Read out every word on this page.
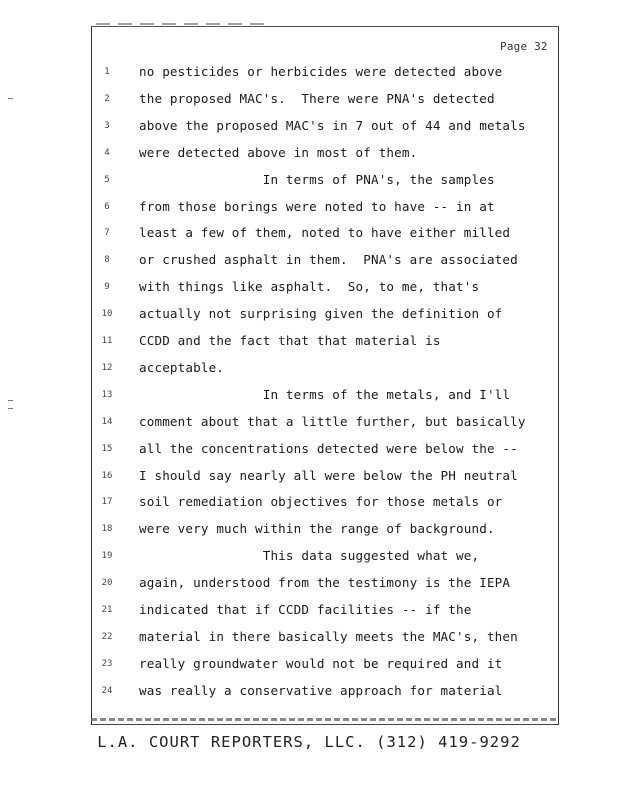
Page 32
1	no pesticides or herbicides were detected above
2	the proposed MAC's.  There were PNA's detected
3	above the proposed MAC's in 7 out of 44 and metals
4	were detected above in most of them.
5	In terms of PNA's, the samples
6	from those borings were noted to have -- in at
7	least a few of them, noted to have either milled
8	or crushed asphalt in them.  PNA's are associated
9	with things like asphalt.  So, to me, that's
10	actually not surprising given the definition of
11	CCDD and the fact that that material is
12	acceptable.
13	In terms of the metals, and I'll
14	comment about that a little further, but basically
15	all the concentrations detected were below the --
16	I should say nearly all were below the PH neutral
17	soil remediation objectives for those metals or
18	were very much within the range of background.
19	This data suggested what we,
20	again, understood from the testimony is the IEPA
21	indicated that if CCDD facilities -- if the
22	material in there basically meets the MAC's, then
23	really groundwater would not be required and it
24	was really a conservative approach for material
L.A. COURT REPORTERS, LLC. (312) 419-9292
